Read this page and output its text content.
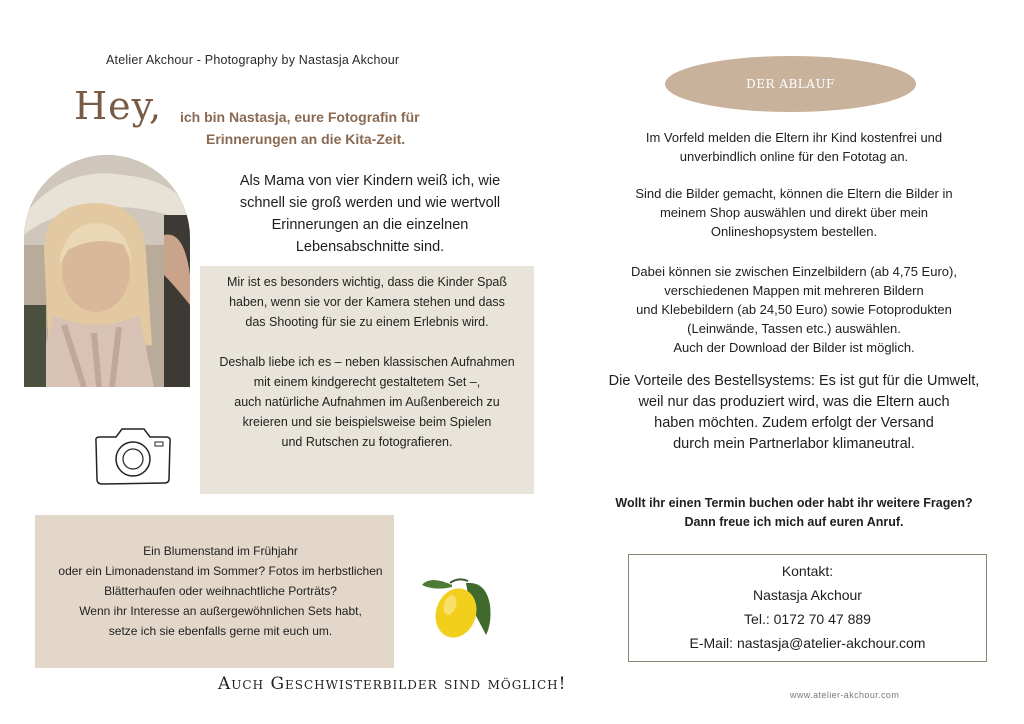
Atelier Akchour - Photography by Nastasja Akchour
Hey, ich bin Nastasja, eure Fotografin für
Erinnerungen an die Kita-Zeit.
Als Mama von vier Kindern weiß ich, wie
schnell sie groß werden und wie wertvoll
Erinnerungen an die einzelnen
Lebensabschnitte sind.

Mir ist es besonders wichtig, dass die Kinder Spaß
haben, wenn sie vor der Kamera stehen und dass
das Shooting für sie zu einem Erlebnis wird.

Deshalb liebe ich es – neben klassischen Aufnahmen
mit einem kindgerecht gestaltetem Set –,
auch natürliche Aufnahmen im Außenbereich zu
kreieren und sie beispielsweise beim Spielen
und Rutschen zu fotografieren.

Ein Blumenstand im Frühjahr
oder ein Limonadenstand im Sommer? Fotos im herbstlichen
Blätterhaufen oder weihnachtliche Porträts?
Wenn ihr Interesse an außergewöhnlichen Sets habt,
setze ich sie ebenfalls gerne mit euch um.

Auch Geschwisterbilder sind möglich!
DER ABLAUF
Im Vorfeld melden die Eltern ihr Kind kostenfrei und
unverbindlich online für den Fototag an.
Sind die Bilder gemacht, können die Eltern die Bilder in
meinem Shop auswählen und direkt über mein
Onlineshopsystem bestellen.
Dabei können sie zwischen Einzelbildern (ab 4,75 Euro),
verschiedenen Mappen mit mehreren Bildern
und Klebebildern (ab 24,50 Euro) sowie Fotoprodukten
(Leinwände, Tassen etc.) auswählen.
Auch der Download der Bilder ist möglich.
Die Vorteile des Bestellsystems: Es ist gut für die Umwelt,
weil nur das produziert wird, was die Eltern auch
haben möchten. Zudem erfolgt der Versand
durch mein Partnerlabor klimaneutral.
Wollt ihr einen Termin buchen oder habt ihr weitere Fragen?
Dann freue ich mich auf euren Anruf.
Kontakt:
Nastasja Akchour
Tel.: 0172 70 47 889
E-Mail: nastasja@atelier-akchour.com
www.atelier-akchour.com
